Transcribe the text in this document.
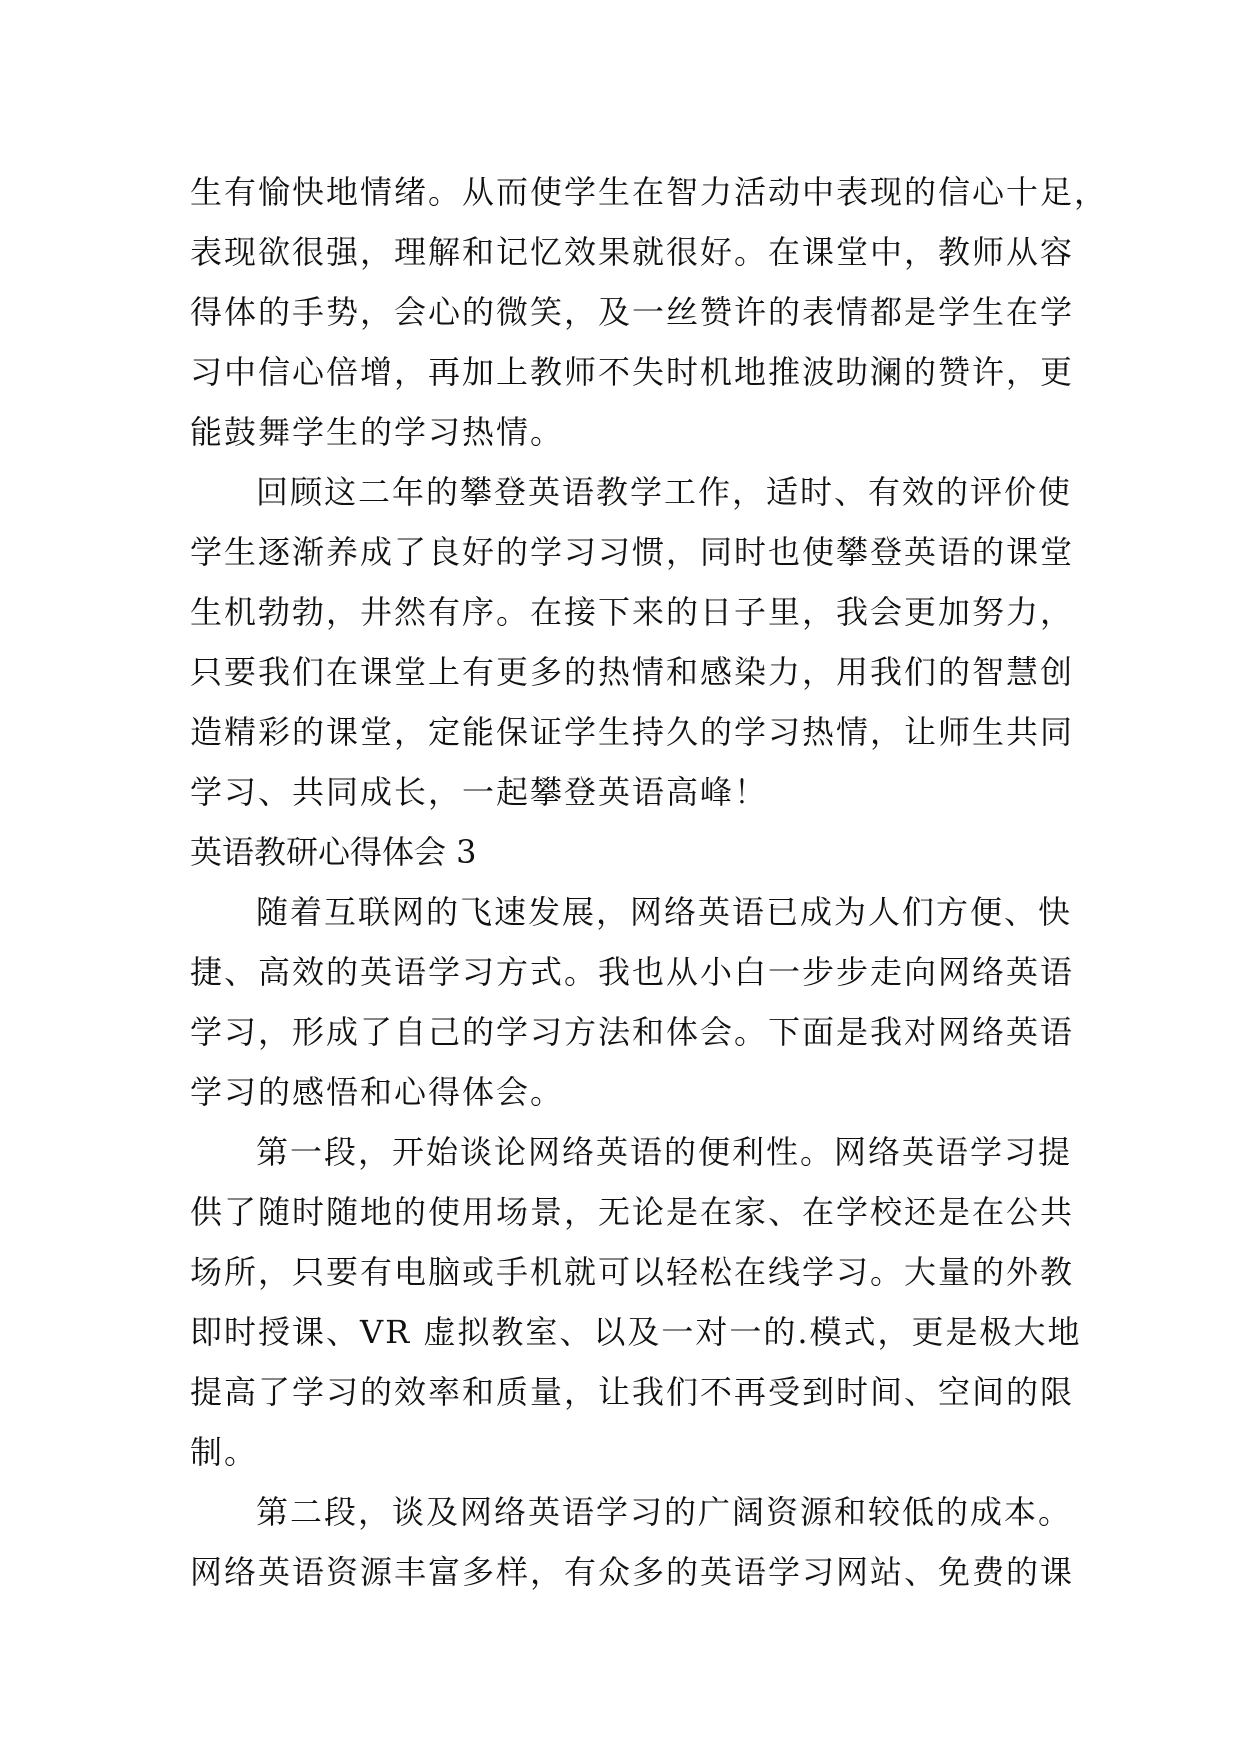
生有愉快地情绪。从而使学生在智力活动中表现的信心十足，
表现欲很强，理解和记忆效果就很好。在课堂中，教师从容
得体的手势，会心的微笑，及一丝赞许的表情都是学生在学
习中信心倍增，再加上教师不失时机地推波助澜的赞许，更
能鼓舞学生的学习热情。
回顾这二年的攀登英语教学工作，适时、有效的评价使
学生逐渐养成了良好的学习习惯，同时也使攀登英语的课堂
生机勃勃，井然有序。在接下来的日子里，我会更加努力，
只要我们在课堂上有更多的热情和感染力，用我们的智慧创
造精彩的课堂，定能保证学生持久的学习热情，让师生共同
学习、共同成长，一起攀登英语高峰！
英语教研心得体会 3
随着互联网的飞速发展，网络英语已成为人们方便、快
捷、高效的英语学习方式。我也从小白一步步走向网络英语
学习，形成了自己的学习方法和体会。下面是我对网络英语
学习的感悟和心得体会。
第一段，开始谈论网络英语的便利性。网络英语学习提
供了随时随地的使用场景，无论是在家、在学校还是在公共
场所，只要有电脑或手机就可以轻松在线学习。大量的外教
即时授课、VR 虚拟教室、以及一对一的.模式，更是极大地
提高了学习的效率和质量，让我们不再受到时间、空间的限
制。
第二段，谈及网络英语学习的广阔资源和较低的成本。
网络英语资源丰富多样，有众多的英语学习网站、免费的课
